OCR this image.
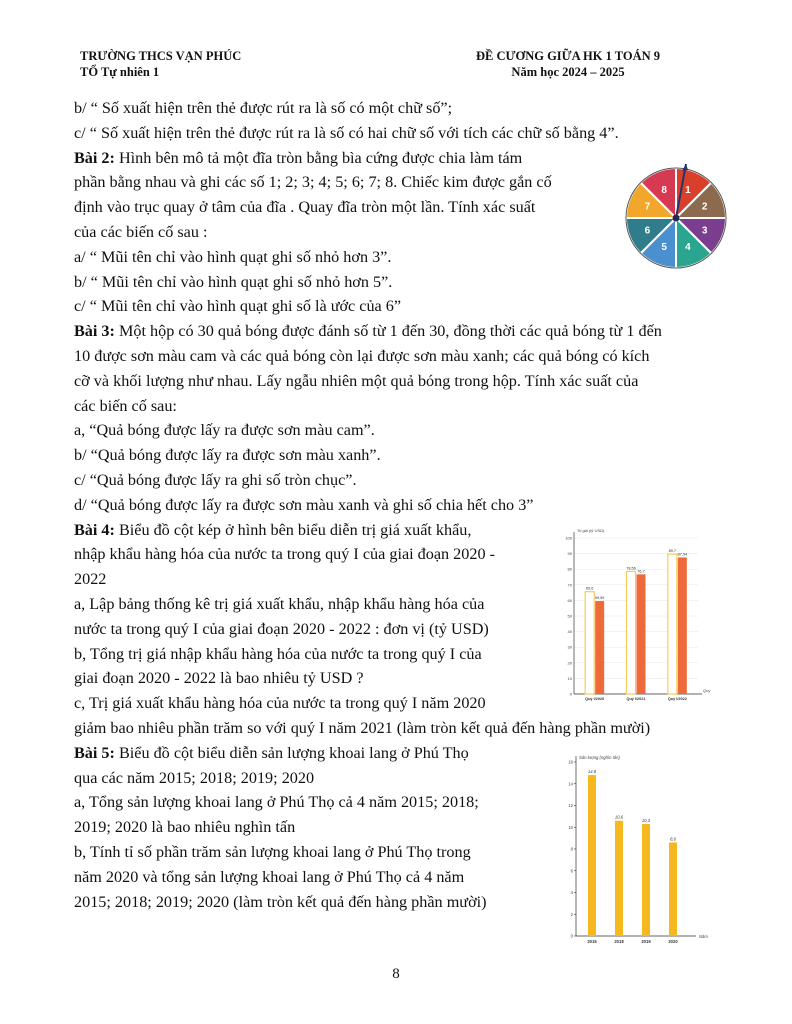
TRƯỜNG THCS VẠN PHÚC
TỔ Tự nhiên 1
ĐỀ CƯƠNG GIỮA HK 1 TOÁN 9
Năm học 2024 – 2025
b/ “ Số xuất hiện trên thẻ được rút ra là số có một chữ số”;
c/ “ Số xuất hiện trên thẻ được rút ra là số có hai chữ số với tích các chữ số bằng 4”.
Bài 2: Hình bên mô tả một đĩa tròn bằng bìa cứng được chia làm tám
phần bằng nhau và ghi các số 1; 2; 3; 4; 5; 6; 7; 8. Chiếc kim được gắn cố
định vào trục quay ở tâm của đĩa . Quay đĩa tròn một lần. Tính xác suất
của các biến cố sau :
a/ “ Mũi tên chỉ vào hình quạt ghi số nhỏ hơn 3”.
b/ “ Mũi tên chỉ vào hình quạt ghi số nhỏ hơn 5”.
c/ “ Mũi tên chỉ vào hình quạt ghi số là ước của 6”
Bài 3: Một hộp có 30 quả bóng được đánh số từ 1 đến 30, đồng thời các quả bóng từ 1 đến
10 được sơn màu cam và các quả bóng còn lại được sơn màu xanh; các quả bóng có kích
cỡ và khối lượng như nhau. Lấy ngẫu nhiên một quả bóng trong hộp. Tính xác suất của
các biến cố sau:
a, “Quả bóng được lấy ra được sơn màu cam”.
b/ “Quả bóng được lấy ra được sơn màu xanh”.
c/ “Quả bóng được lấy ra ghi số tròn chục”.
d/ “Quả bóng được lấy ra được sơn màu xanh và ghi số chia hết cho 3”
Bài 4: Biểu đồ cột kép ở hình bên biểu diễn trị giá xuất khẩu,
nhập khẩu hàng hóa của nước ta trong quý I của giai đoạn 2020 -
2022
a, Lập bảng thống kê trị giá xuất khẩu, nhập khẩu hàng hóa của
nước ta trong quý I của giai đoạn 2020 - 2022 : đơn vị (tỷ USD)
b, Tổng trị giá nhập khẩu hàng hóa của nước ta trong quý I của
giai đoạn 2020 - 2022 là bao nhiêu tỷ USD ?
c, Trị giá xuất khẩu hàng hóa của nước ta trong quý I năm 2020
giảm bao nhiêu phần trăm so với quý I năm 2021 (làm tròn kết quả đến hàng phần mười)
Bài 5: Biểu đồ cột biểu diễn sản lượng khoai lang ở Phú Thọ
qua các năm 2015; 2018; 2019; 2020
a, Tổng sản lượng khoai lang ở Phú Thọ cả 4 năm 2015; 2018;
2019; 2020 là bao nhiêu nghìn tấn
b, Tính tỉ số phần trăm sản lượng khoai lang ở Phú Thọ trong
năm 2020 và tổng sản lượng khoai lang ở Phú Thọ cả 4 năm
2015; 2018; 2019; 2020 (làm tròn kết quả đến hàng phần mười)
1
2
3
4
5
6
7
8
0
10
20
30
40
50
60
70
80
90
100
Trị giá (tỷ USD)
Quý
65,6
59,59
Quý I/2020
78,56
76,7
Quý I/2021
89,7
87,54
Quý I/2022
0
2
4
6
8
10
12
14
16
Sản lượng (nghìn tấn)
Năm
14,8
2015
10,6
2018
10,3
2019
8,6
2020
8
